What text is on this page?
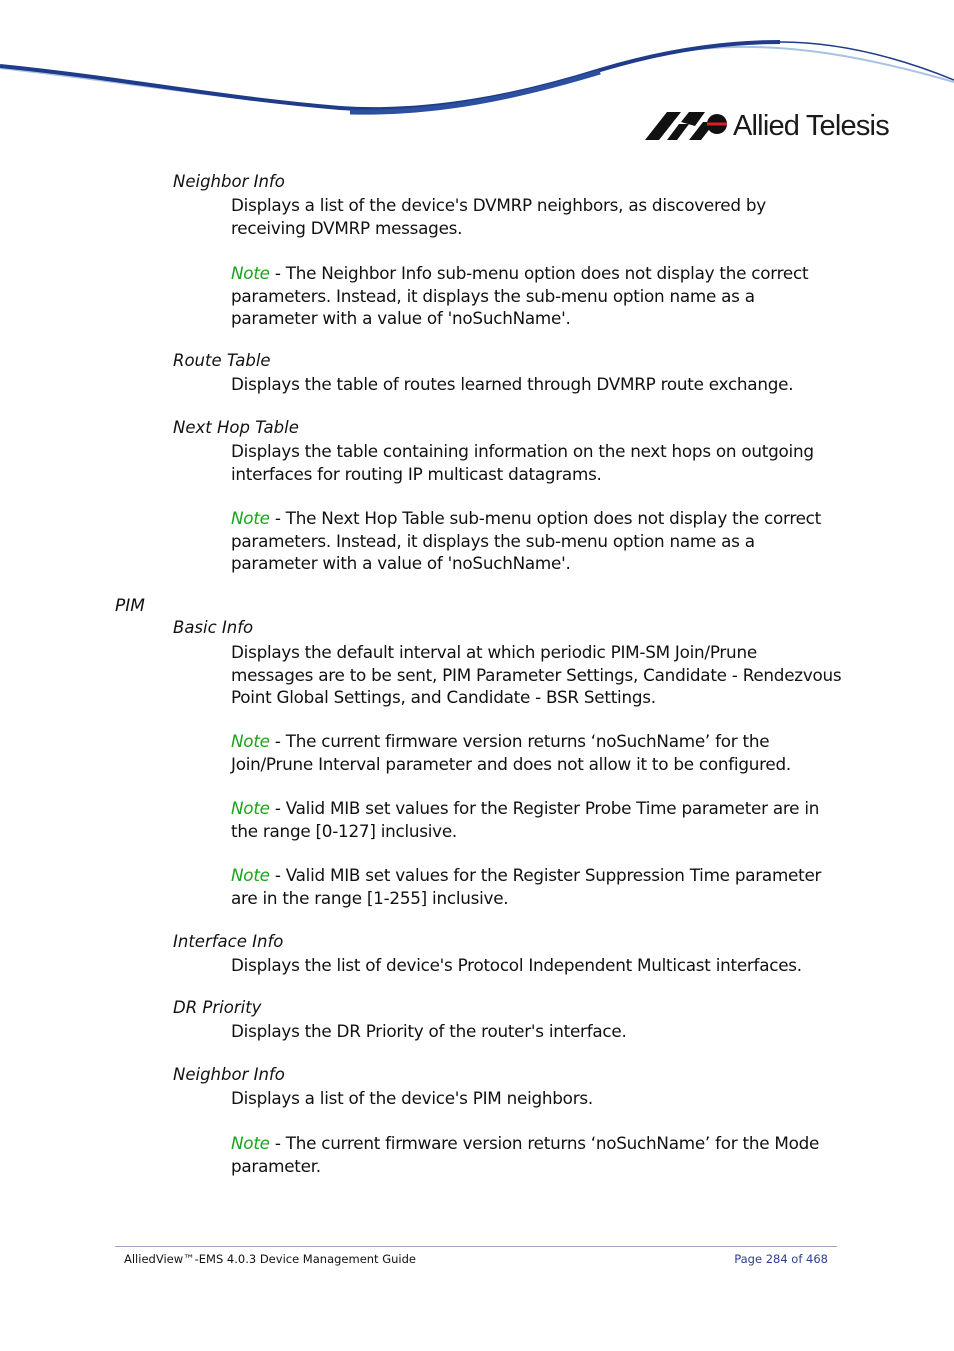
Allied Telesis
Neighbor Info
Displays a list of the device's DVMRP neighbors, as discovered by receiving DVMRP messages.
Note - The Neighbor Info sub-menu option does not display the correct parameters. Instead, it displays the sub-menu option name as a parameter with a value of 'noSuchName'.
Route Table
Displays the table of routes learned through DVMRP route exchange.
Next Hop Table
Displays the table containing information on the next hops on outgoing interfaces for routing IP multicast datagrams.
Note - The Next Hop Table sub-menu option does not display the correct parameters. Instead, it displays the sub-menu option name as a parameter with a value of 'noSuchName'.
PIM
Basic Info
Displays the default interval at which periodic PIM-SM Join/Prune messages are to be sent, PIM Parameter Settings, Candidate - Rendezvous Point Global Settings, and Candidate - BSR Settings.
Note - The current firmware version returns ‘noSuchName’ for the Join/Prune Interval parameter and does not allow it to be configured.
Note - Valid MIB set values for the Register Probe Time parameter are in the range [0-127] inclusive.
Note - Valid MIB set values for the Register Suppression Time parameter are in the range [1-255] inclusive.
Interface Info
Displays the list of device's Protocol Independent Multicast interfaces.
DR Priority
Displays the DR Priority of the router's interface.
Neighbor Info
Displays a list of the device's PIM neighbors.
Note - The current firmware version returns ‘noSuchName’ for the Mode parameter.
AlliedView™-EMS 4.0.3 Device Management Guide	Page 284 of 468
